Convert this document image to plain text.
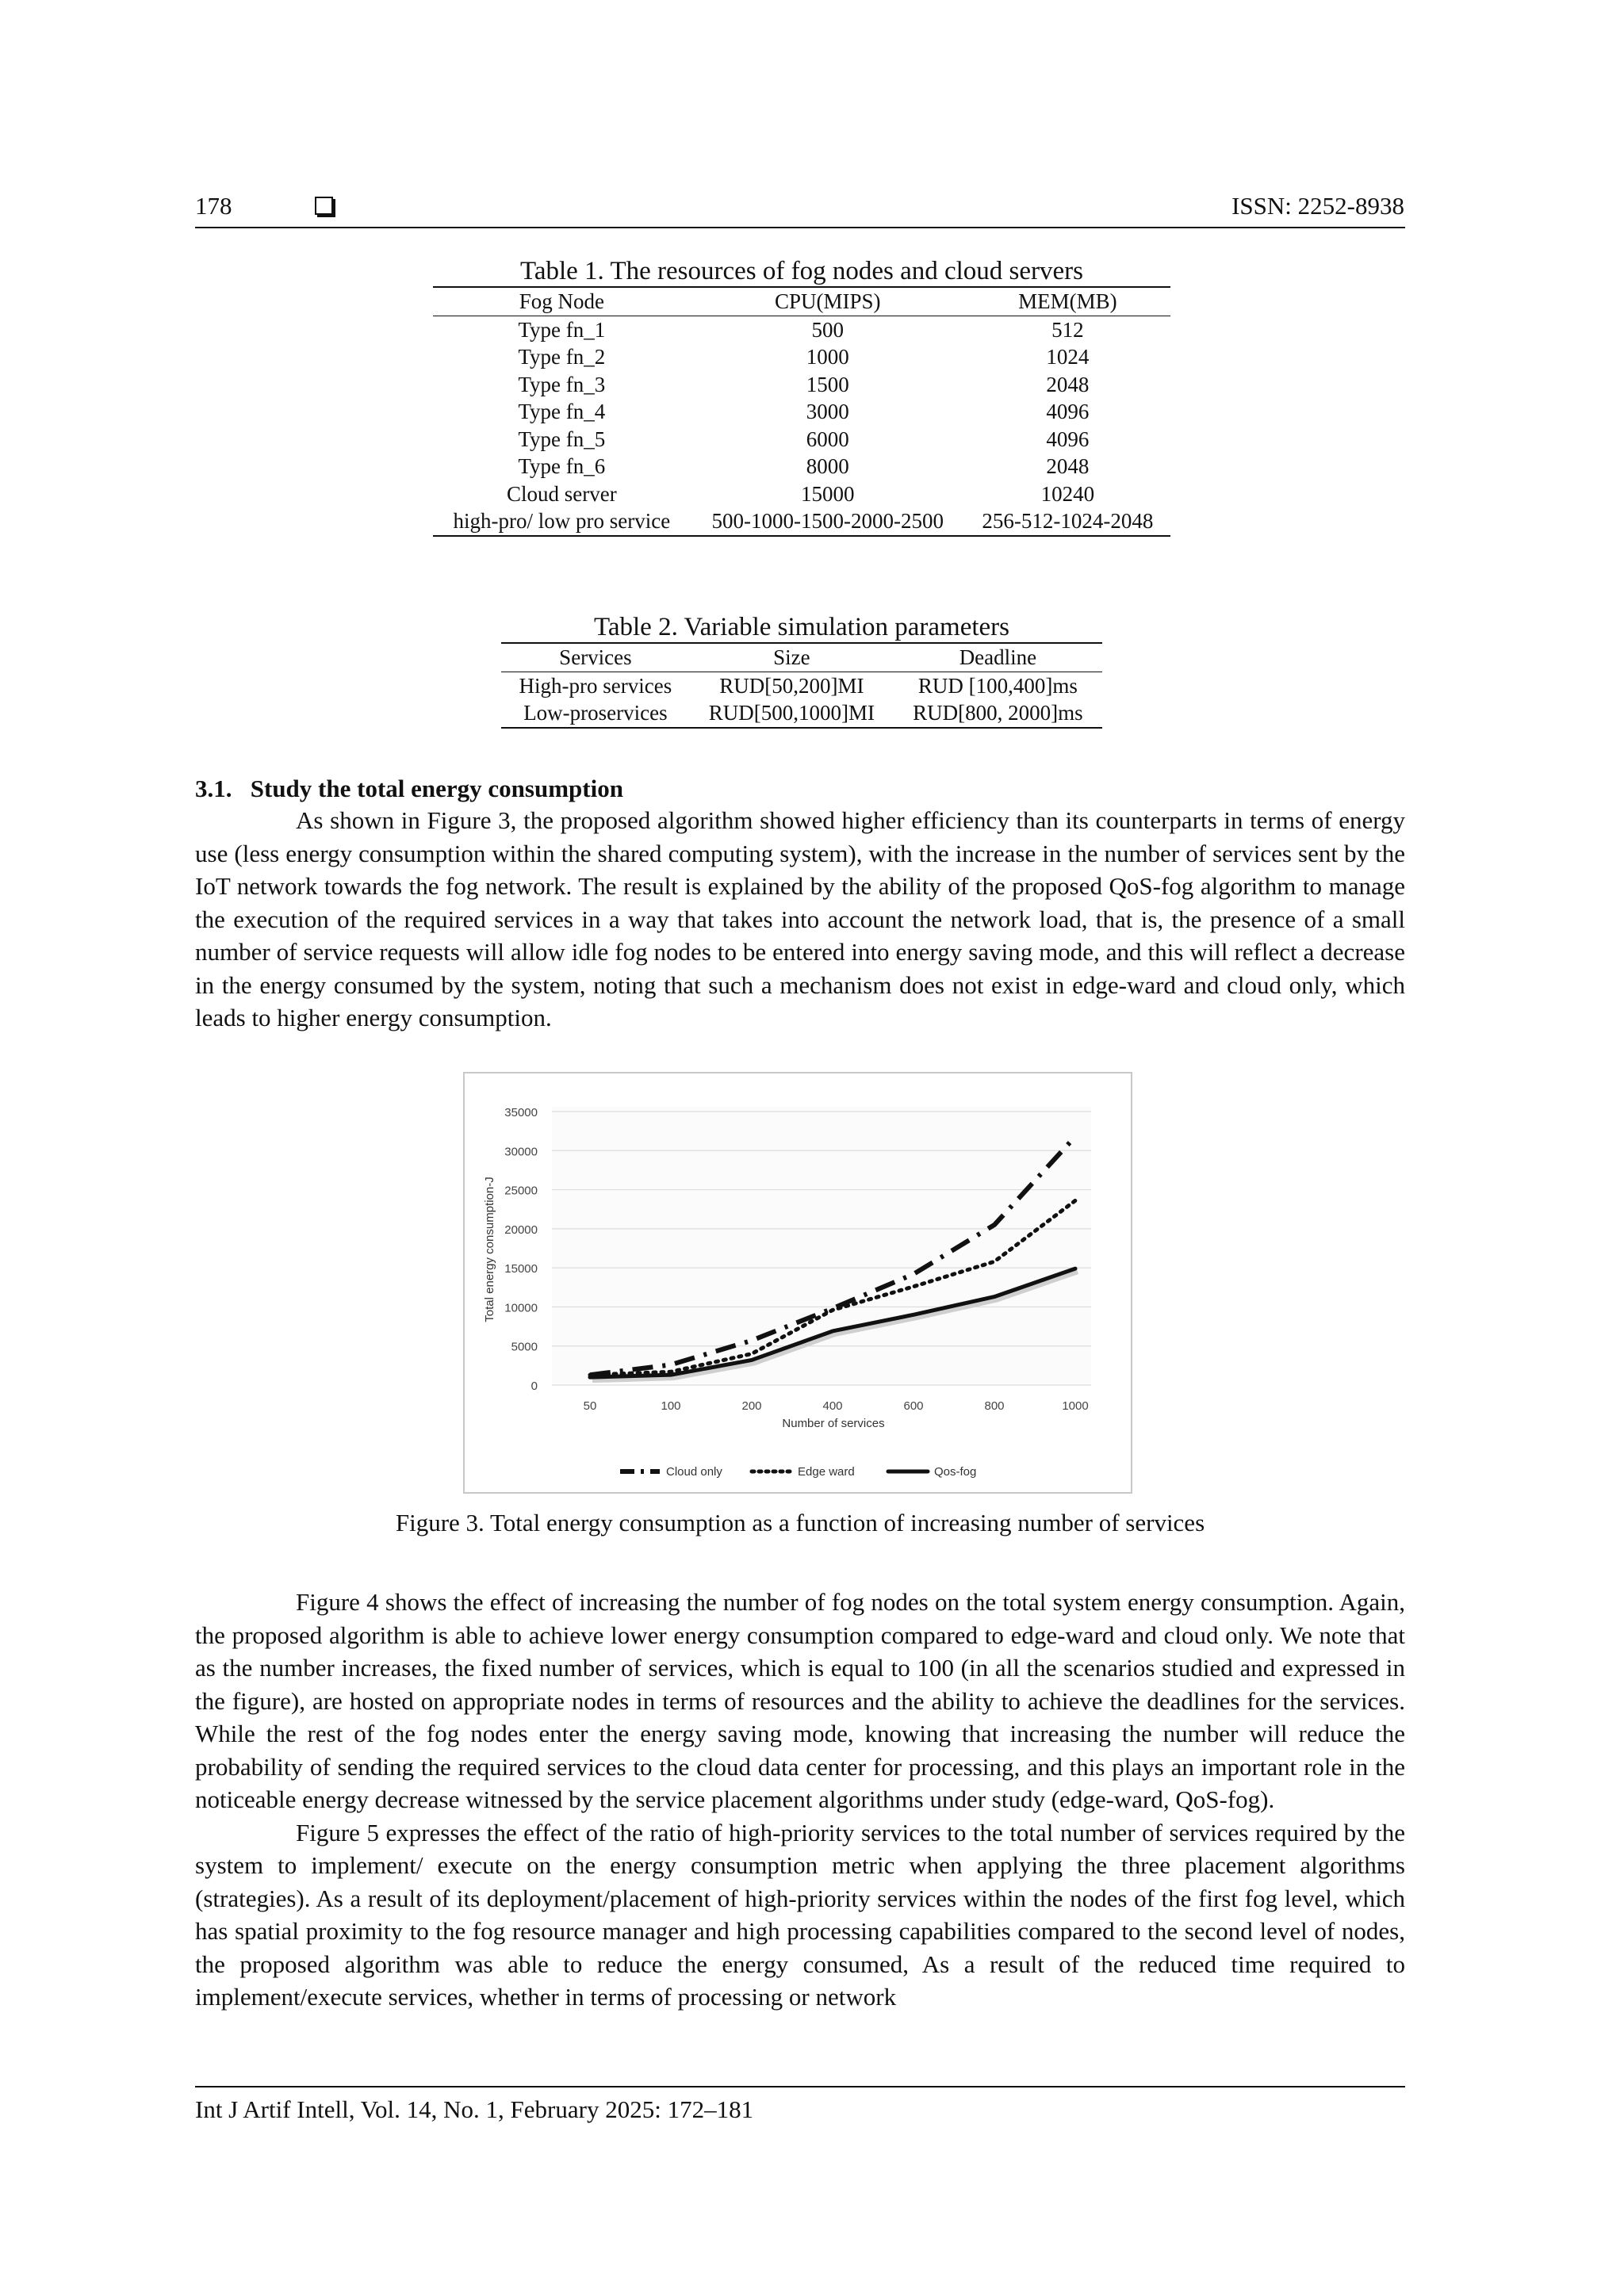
178	ISSN: 2252-8938
Table 1. The resources of fog nodes and cloud servers
Fog Node	CPU(MIPS)	MEM(MB)
Type fn_1	500	512
Type fn_2	1000	1024
Type fn_3	1500	2048
Type fn_4	3000	4096
Type fn_5	6000	4096
Type fn_6	8000	2048
Cloud server	15000	10240
high-pro/ low pro service	500-1000-1500-2000-2500	256-512-1024-2048
Table 2. Variable simulation parameters
Services	Size	Deadline
High-pro services	RUD[50,200]MI	RUD [100,400]ms
Low-proservices	RUD[500,1000]MI	RUD[800, 2000]ms
3.1.   Study the total energy consumption

As shown in Figure 3, the proposed algorithm showed higher efficiency than its counterparts in terms of energy use (less energy consumption within the shared computing system), with the increase in the number of services sent by the IoT network towards the fog network. The result is explained by the ability of the proposed QoS-fog algorithm to manage the execution of the required services in a way that takes into account the network load, that is, the presence of a small number of service requests will allow idle fog nodes to be entered into energy saving mode, and this will reflect a decrease in the energy consumed by the system, noting that such a mechanism does not exist in edge-ward and cloud only, which leads to higher energy consumption.

0
5000
10000
15000
20000
25000
30000
35000
50	100	200	400	600	800	1000
Number of services
Total energy consumption-J
Cloud only	Edge ward	Qos-fog
Figure 3. Total energy consumption as a function of increasing number of services

Figure 4 shows the effect of increasing the number of fog nodes on the total system energy consumption. Again, the proposed algorithm is able to achieve lower energy consumption compared to edge-ward and cloud only. We note that as the number increases, the fixed number of services, which is equal to 100 (in all the scenarios studied and expressed in the figure), are hosted on appropriate nodes in terms of resources and the ability to achieve the deadlines for the services. While the rest of the fog nodes enter the energy saving mode, knowing that increasing the number will reduce the probability of sending the required services to the cloud data center for processing, and this plays an important role in the noticeable energy decrease witnessed by the service placement algorithms under study (edge-ward, QoS-fog).

Figure 5 expresses the effect of the ratio of high-priority services to the total number of services required by the system to implement/ execute on the energy consumption metric when applying the three placement algorithms (strategies). As a result of its deployment/placement of high-priority services within the nodes of the first fog level, which has spatial proximity to the fog resource manager and high processing capabilities compared to the second level of nodes, the proposed algorithm was able to reduce the energy consumed, As a result of the reduced time required to implement/execute services, whether in terms of processing or network

Int J Artif Intell, Vol. 14, No. 1, February 2025: 172–181
